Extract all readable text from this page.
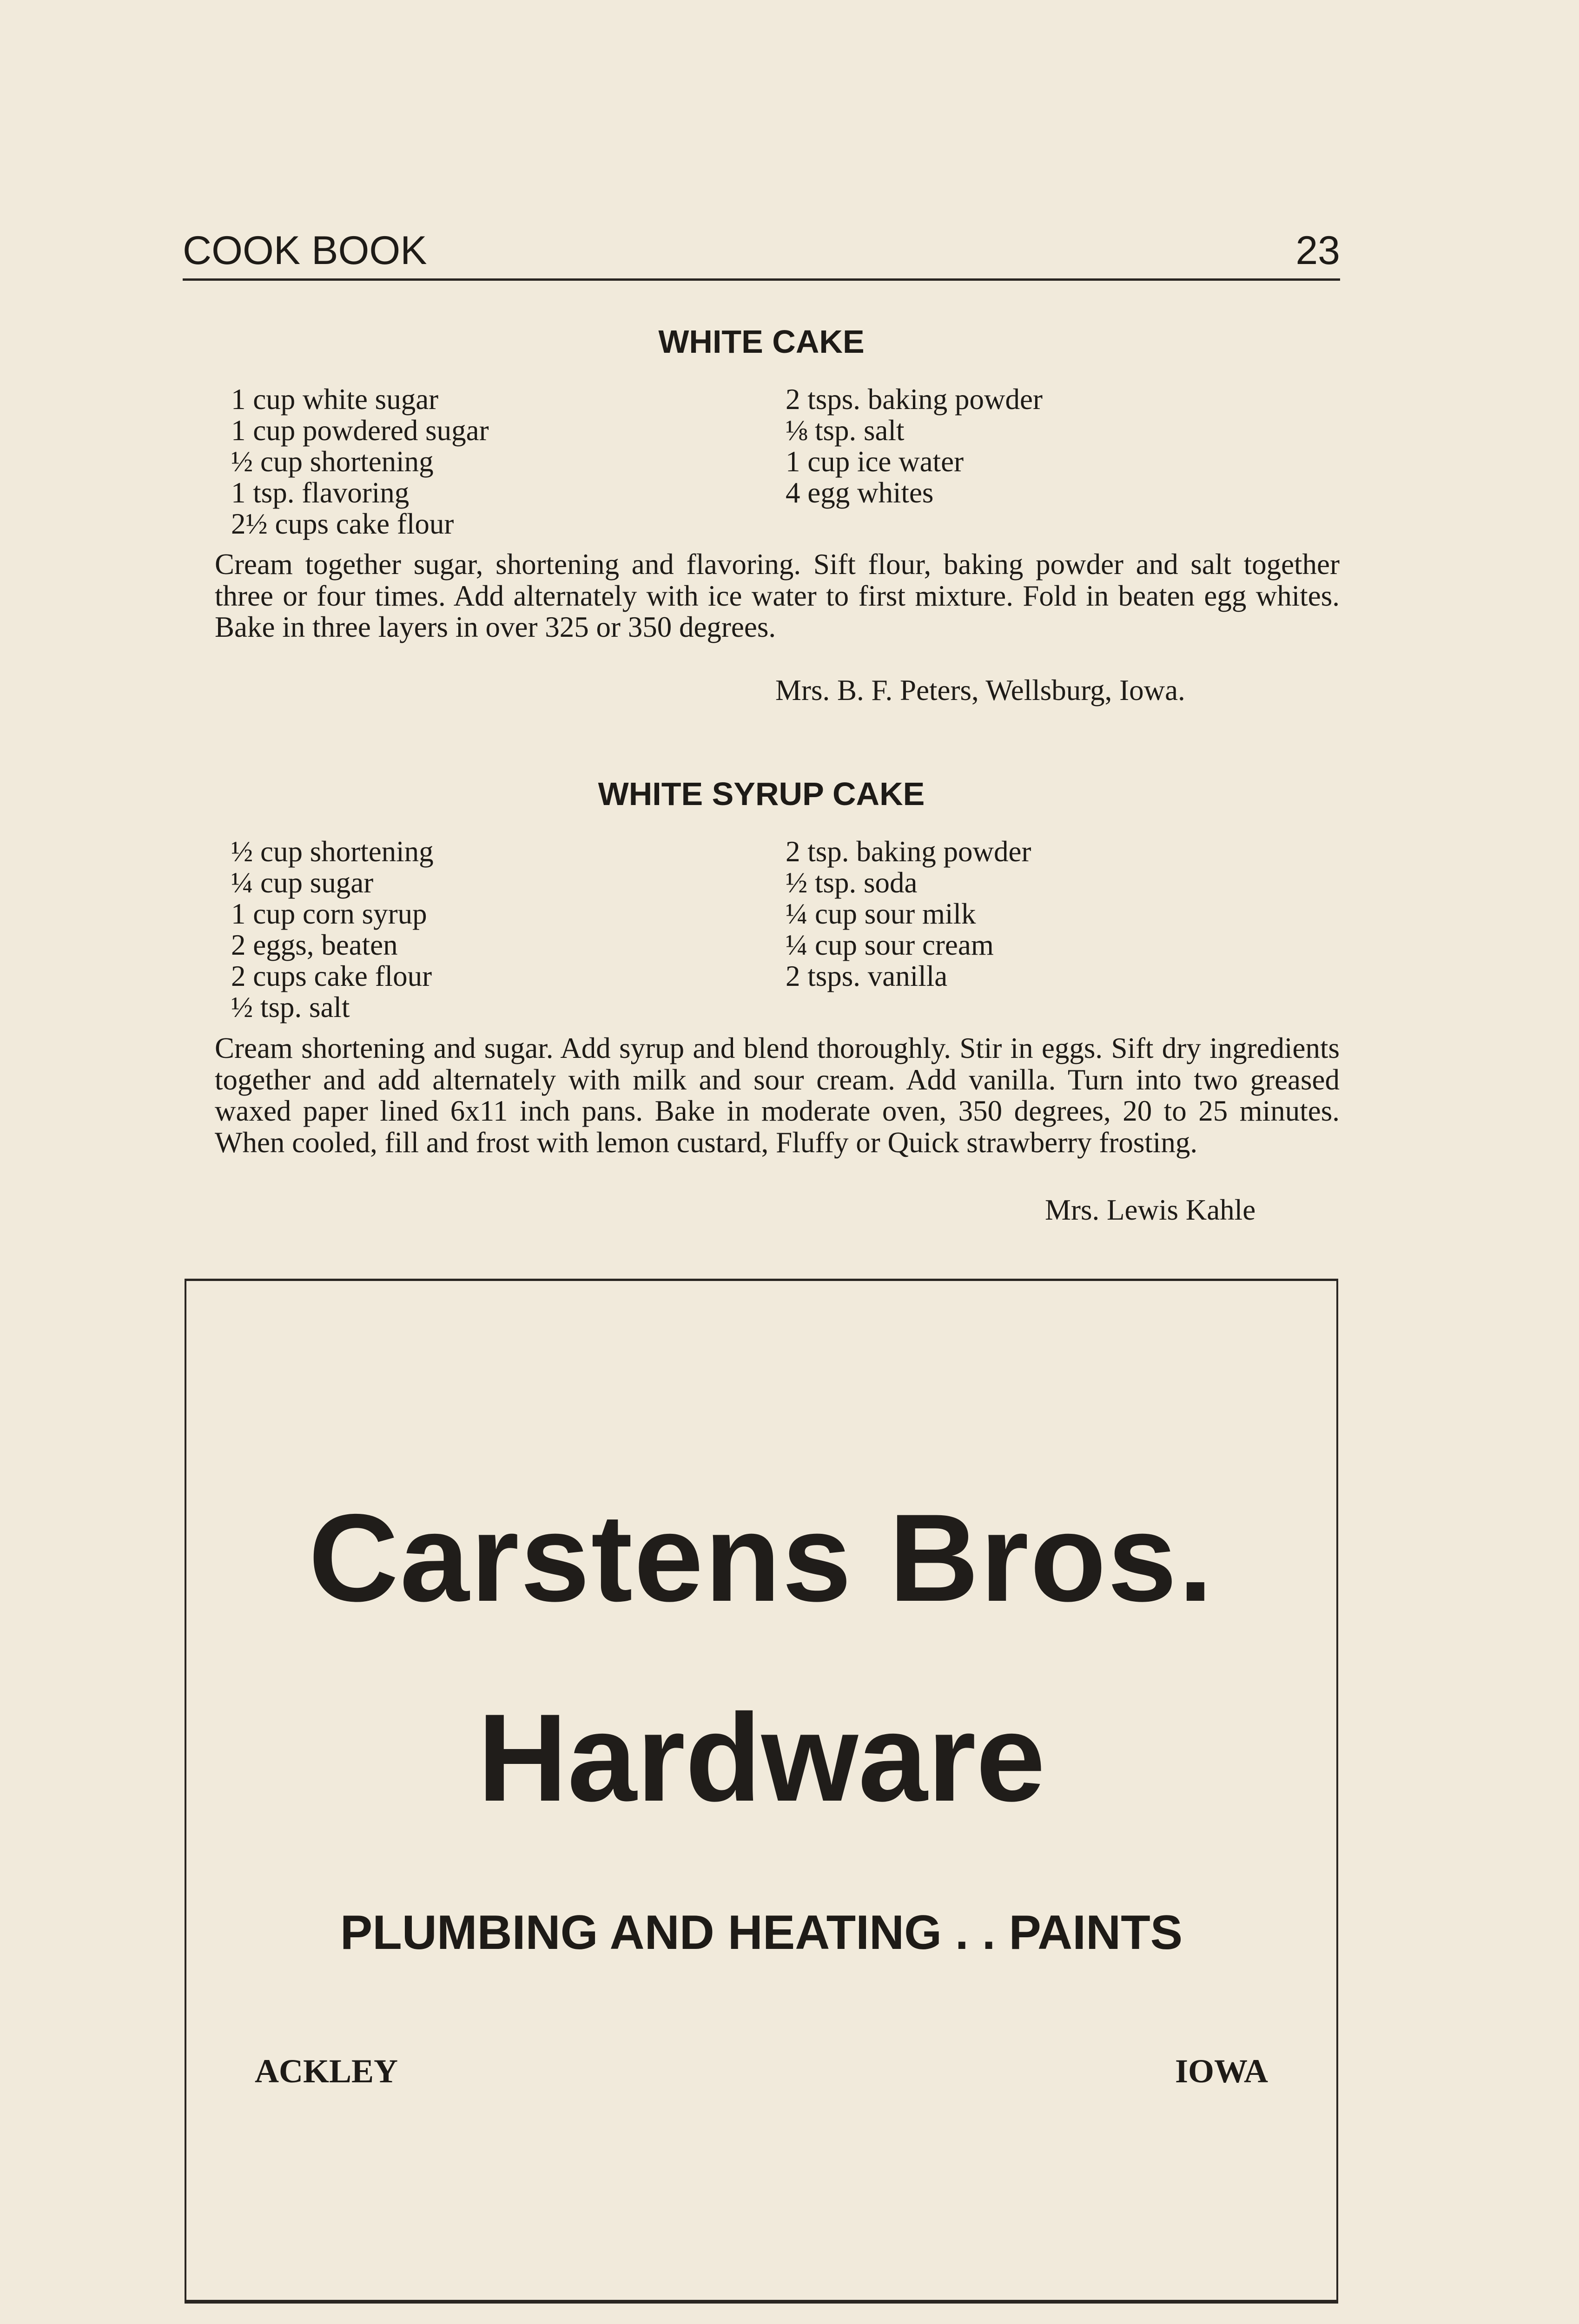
COOK BOOK	23
WHITE CAKE
1 cup white sugar
1 cup powdered sugar
½ cup shortening
1 tsp. flavoring
2½ cups cake flour
2 tsps. baking powder
⅛ tsp. salt
1 cup ice water
4 egg whites

Cream together sugar, shortening and flavoring. Sift flour, baking powder and salt together three or four times. Add alternately with ice water to first mixture. Fold in beaten egg whites. Bake in three layers in over 325 or 350 degrees.

Mrs. B. F. Peters, Wellsburg, Iowa.
WHITE SYRUP CAKE
½ cup shortening
¼ cup sugar
1 cup corn syrup
2 eggs, beaten
2 cups cake flour
½ tsp. salt
2 tsp. baking powder
½ tsp. soda
¼ cup sour milk
¼ cup sour cream
2 tsps. vanilla

Cream shortening and sugar. Add syrup and blend thoroughly. Stir in eggs. Sift dry ingredients together and add alternately with milk and sour cream. Add vanilla. Turn into two greased waxed paper lined 6x11 inch pans. Bake in moderate oven, 350 degrees, 20 to 25 minutes. When cooled, fill and frost with lemon custard, Fluffy or Quick strawberry frosting.

Mrs. Lewis Kahle
Carstens Bros.
Hardware
PLUMBING AND HEATING . . PAINTS
ACKLEY	IOWA
